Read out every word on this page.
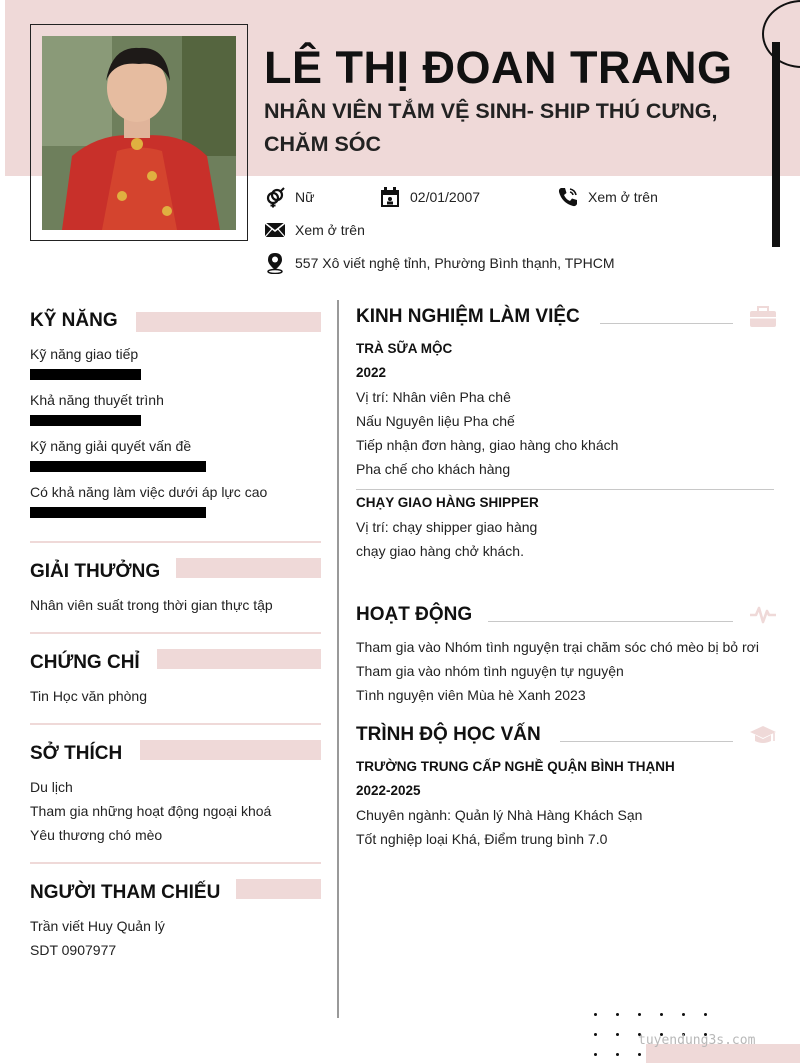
LÊ THỊ ĐOAN TRANG
NHÂN VIÊN TẮM VỆ SINH- SHIP THÚ CƯNG, CHĂM SÓC
Nữ	02/01/2007	Xem ở trên
Xem ở trên
557 Xô viết nghệ tỉnh, Phường Bình thạnh, TPHCM
KỸ NĂNG
Kỹ năng giao tiếp
Khả năng thuyết trình
Kỹ năng giải quyết vấn đề
Có khả năng làm việc dưới áp lực cao
GIẢI THƯỞNG
Nhân viên suất trong thời gian thực tập
CHỨNG CHỈ
Tin Học văn phòng
SỞ THÍCH
Du lịch
Tham gia những hoạt động ngoại khoá
Yêu thương chó mèo
NGƯỜI THAM CHIẾU
Trần viết Huy Quản lý
SDT 0907977
KINH NGHIỆM LÀM VIỆC
TRÀ SỮA MỘC
2022
Vị trí: Nhân viên Pha chê
Nấu Nguyên liệu Pha chế
Tiếp nhận đơn hàng, giao hàng cho khách
Pha chế cho khách hàng
CHẠY GIAO HÀNG SHIPPER
Vị trí: chạy shipper giao hàng
chạy giao hàng chở khách.
HOẠT ĐỘNG
Tham gia vào Nhóm tình nguyện trại chăm sóc chó mèo bị bỏ rơi
Tham gia vào nhóm tình nguyện tự nguyện
Tình nguyện viên Mùa hè Xanh 2023
TRÌNH ĐỘ HỌC VẤN
TRƯỜNG TRUNG CẤP NGHỀ QUẬN BÌNH THẠNH
2022-2025
Chuyên ngành: Quản lý Nhà Hàng Khách Sạn
Tốt nghiệp loại Khá, Điểm trung bình 7.0
tuyendung3s.com
